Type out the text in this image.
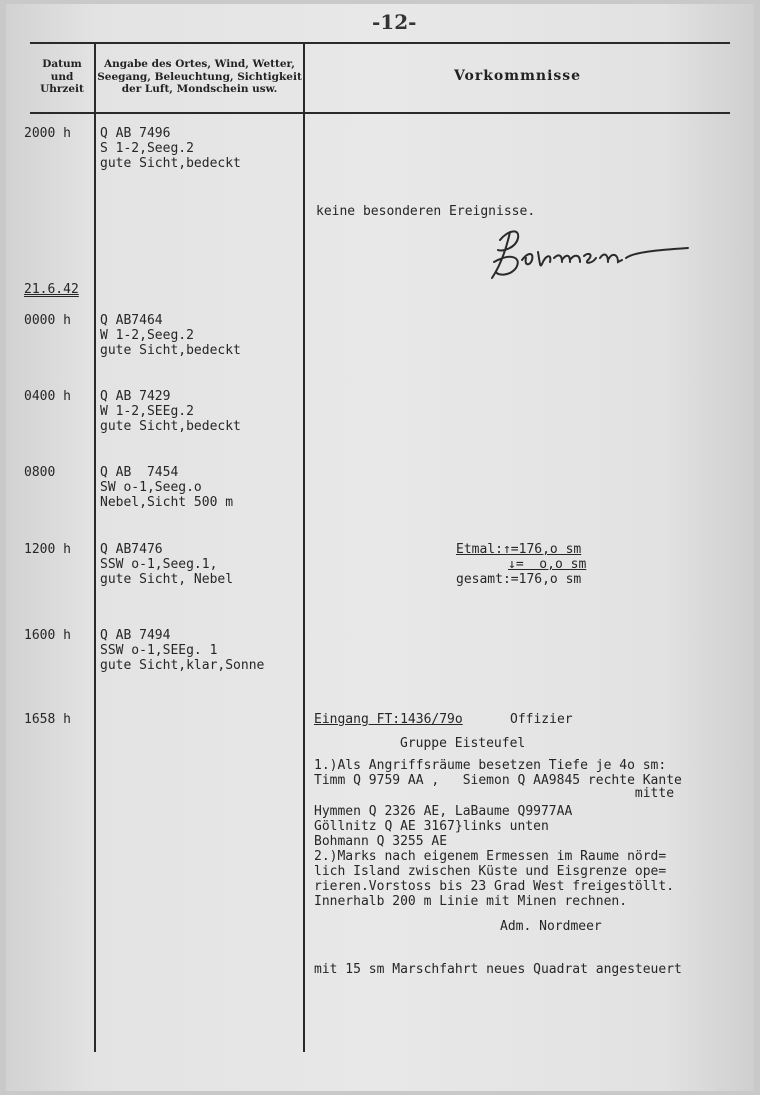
-12-
Datum
und
Uhrzeit
Angabe des Ortes, Wind, Wetter,
Seegang, Beleuchtung, Sichtigkeit
der Luft, Mondschein usw.
Vorkommnisse
2000 h Q AB 7496
S 1-2,Seeg.2
gute Sicht,bedeckt
keine besonderen Ereignisse.
21.6.42
0000 h Q AB7464
W 1-2,Seeg.2
gute Sicht,bedeckt
0400 h Q AB 7429
W 1-2,SEEg.2
gute Sicht,bedeckt
0800	Q AB  7454
SW o-1,Seeg.o
Nebel,Sicht 500 m
1200 h Q AB7476
SSW o-1,Seeg.1,
gute Sicht, Nebel
Etmal:↑=176,o sm
↓=  o,o sm
gesamt:=176,o sm
1600 h Q AB 7494
SSW o-1,SEEg. 1
gute Sicht,klar,Sonne
1658 h	Eingang FT:1436/79o	Offizier
Gruppe Eisteufel
1.)Als Angriffsräume besetzen Tiefe je 4o sm:
Timm Q 9759 AA ,   Siemon Q AA9845 rechte Kante
mitte
Hymmen Q 2326 AE, LaBaume Q9977AA
Göllnitz Q AE 3167}links unten
Bohmann Q 3255 AE
2.)Marks nach eigenem Ermessen im Raume nörd=
lich Island zwischen Küste und Eisgrenze ope=
rieren.Vorstoss bis 23 Grad West freigestöllt.
Innerhalb 200 m Linie mit Minen rechnen.
Adm. Nordmeer
mit 15 sm Marschfahrt neues Quadrat angesteuert
